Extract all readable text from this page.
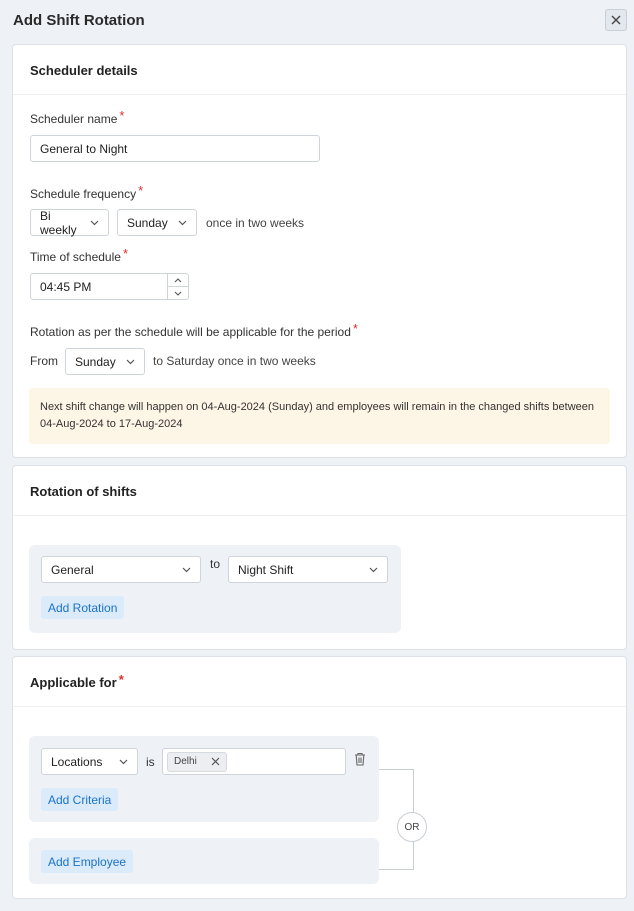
Add Shift Rotation
Scheduler details
Scheduler name *
General to Night
Schedule frequency *
Bi weekly	Sunday	once in two weeks
Time of schedule *
04:45 PM
Rotation as per the schedule will be applicable for the period *
From Sunday	to Saturday once in two weeks
Next shift change will happen on 04-Aug-2024 (Sunday) and employees will remain in the changed shifts between 04-Aug-2024 to 17-Aug-2024
Rotation of shifts
General	to Night Shift
Add Rotation
Applicable for *
Locations	is Delhi
Add Criteria
OR
Add Employee
